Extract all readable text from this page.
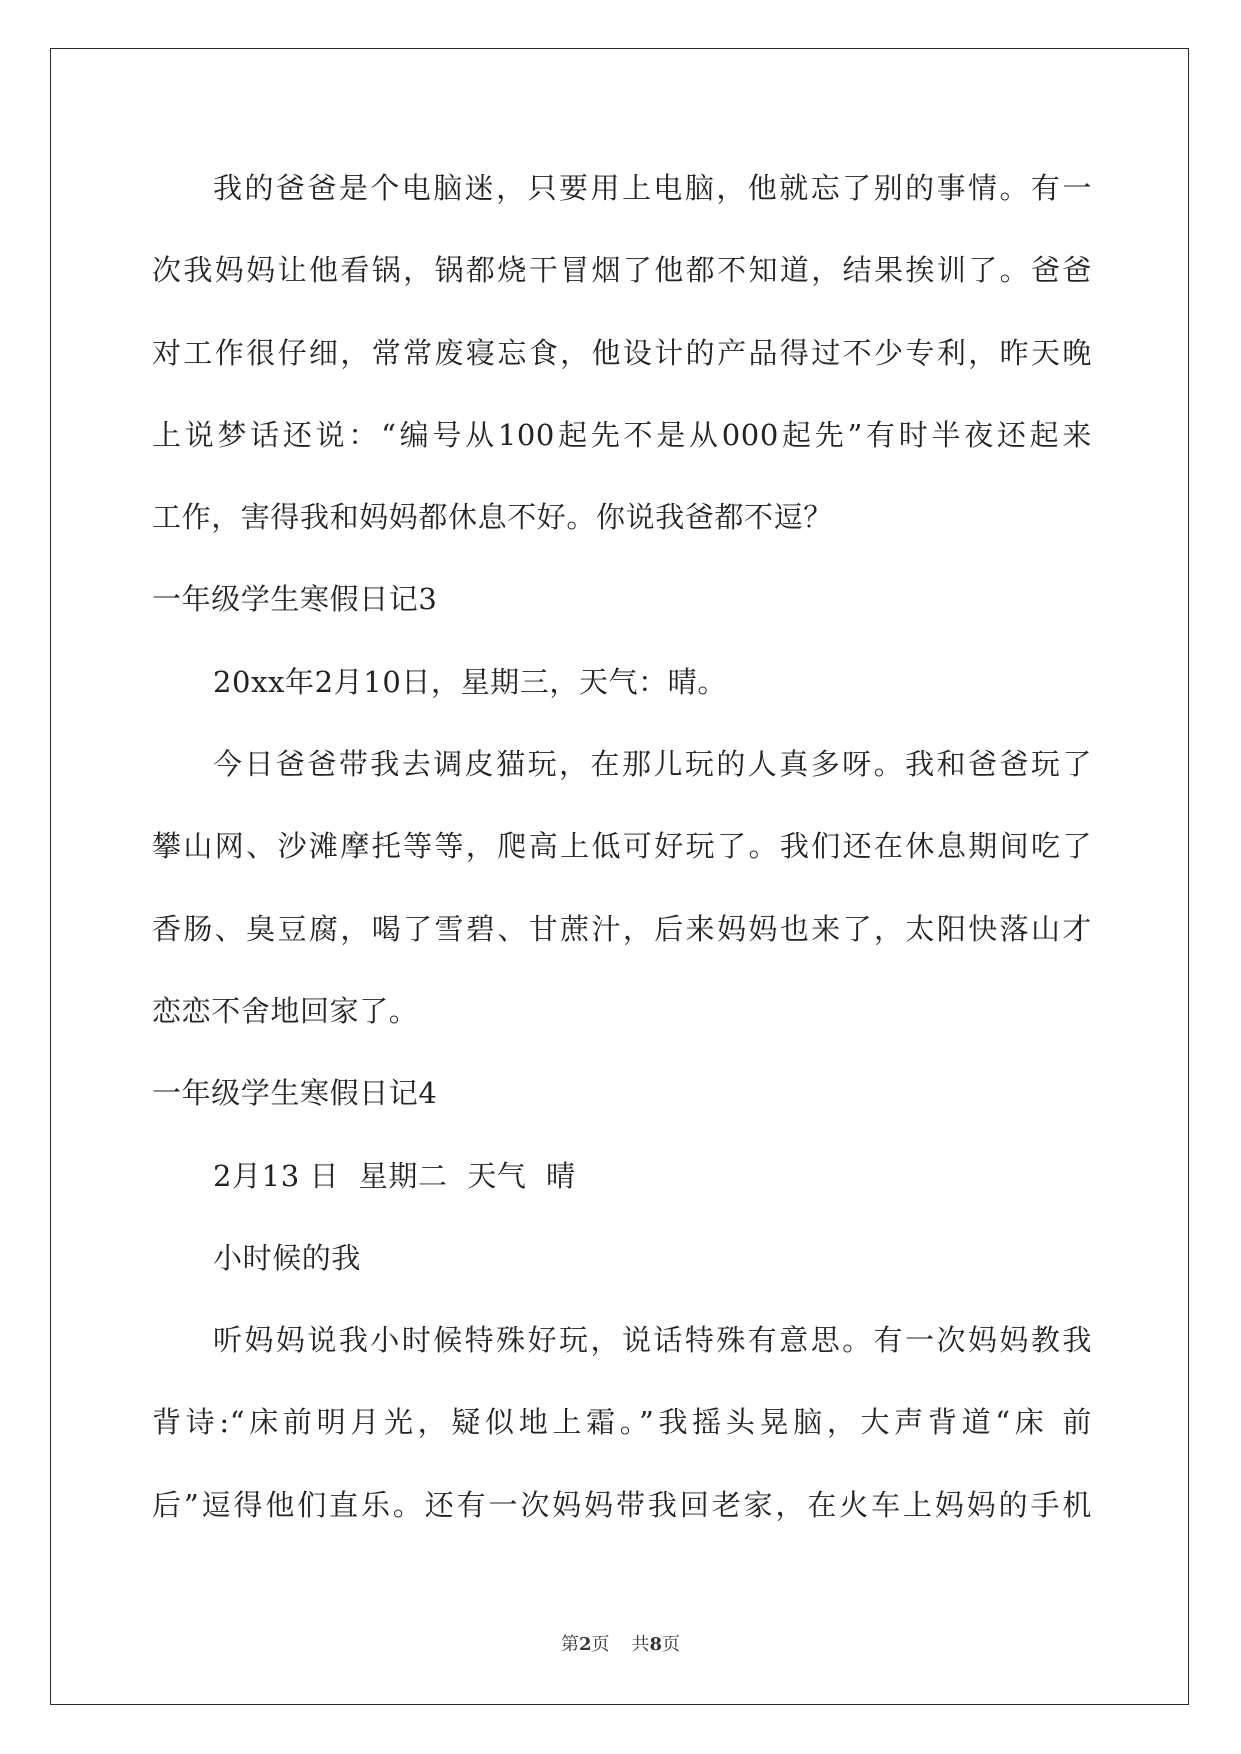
我的爸爸是个电脑迷，只要用上电脑，他就忘了别的事情。有一
次我妈妈让他看锅，锅都烧干冒烟了他都不知道，结果挨训了。爸爸
对工作很仔细，常常废寝忘食，他设计的产品得过不少专利，昨天晚
上说梦话还说：“编号从100起先不是从000起先”有时半夜还起来
工作，害得我和妈妈都休息不好。你说我爸都不逗？
一年级学生寒假日记3
20xx年2月10日，星期三，天气：晴。
今日爸爸带我去调皮猫玩，在那儿玩的人真多呀。我和爸爸玩了
攀山网、沙滩摩托等等，爬高上低可好玩了。我们还在休息期间吃了
香肠、臭豆腐，喝了雪碧、甘蔗汁，后来妈妈也来了，太阳快落山才
恋恋不舍地回家了。
一年级学生寒假日记4
2月13 日  星期二  天气  晴
小时候的我
听妈妈说我小时候特殊好玩，说话特殊有意思。有一次妈妈教我
背诗:“床前明月光，疑似地上霜。”我摇头晃脑，大声背道“床 前
后”逗得他们直乐。还有一次妈妈带我回老家，在火车上妈妈的手机
第2页 共8页
